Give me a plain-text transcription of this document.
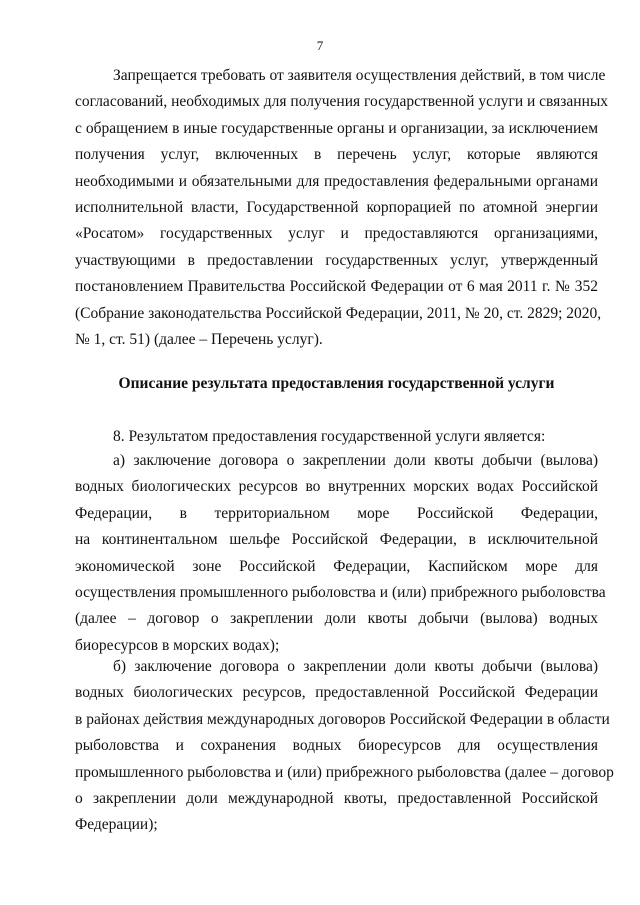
7
Запрещается требовать от заявителя осуществления действий, в том числе
согласований, необходимых для получения государственной услуги и связанных
с обращением в иные государственные органы и организации, за исключением
получения услуг, включенных в перечень услуг, которые являются
необходимыми и обязательными для предоставления федеральными органами
исполнительной власти, Государственной корпорацией по атомной энергии
«Росатом» государственных услуг и предоставляются организациями,
участвующими в предоставлении государственных услуг, утвержденный
постановлением Правительства Российской Федерации от 6 мая 2011 г. № 352
(Собрание законодательства Российской Федерации, 2011, № 20, ст. 2829; 2020,
№ 1, ст. 51) (далее – Перечень услуг).
Описание результата предоставления государственной услуги
8. Результатом предоставления государственной услуги является:
а) заключение договора о закреплении доли квоты добычи (вылова)
водных биологических ресурсов во внутренних морских водах Российской
Федерации, в территориальном море Российской Федерации,
на континентальном шельфе Российской Федерации, в исключительной
экономической зоне Российской Федерации, Каспийском море для
осуществления промышленного рыболовства и (или) прибрежного рыболовства
(далее – договор о закреплении доли квоты добычи (вылова) водных
биоресурсов в морских водах);
б) заключение договора о закреплении доли квоты добычи (вылова)
водных биологических ресурсов, предоставленной Российской Федерации
в районах действия международных договоров Российской Федерации в области
рыболовства и сохранения водных биоресурсов для осуществления
промышленного рыболовства и (или) прибрежного рыболовства (далее – договор
о закреплении доли международной квоты, предоставленной Российской
Федерации);
